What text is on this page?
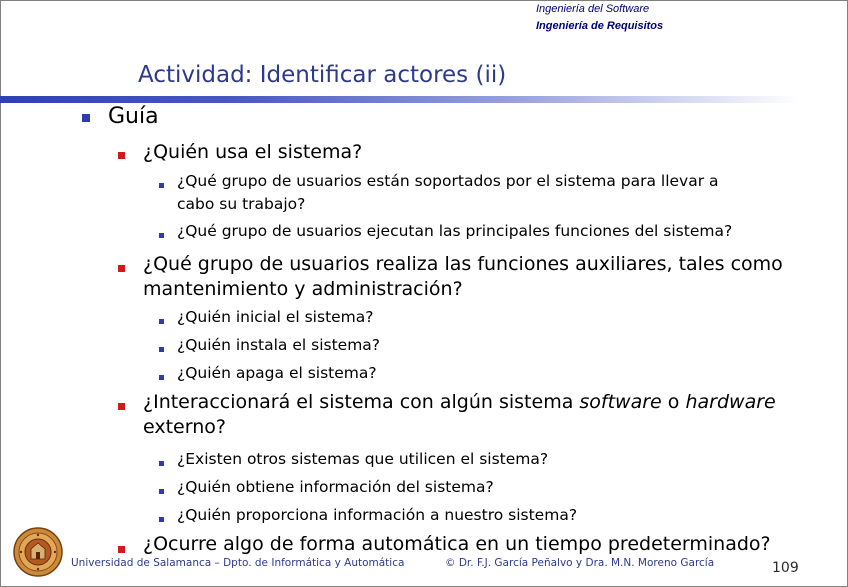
Ingeniería del Software
Ingeniería de Requisitos
Actividad: Identificar actores (ii)
Guía
¿Quién usa el sistema?
¿Qué grupo de usuarios están soportados por el sistema para llevar a
cabo su trabajo?
¿Qué grupo de usuarios ejecutan las principales funciones del sistema?
¿Qué grupo de usuarios realiza las funciones auxiliares, tales como
mantenimiento y administración?
¿Quién inicial el sistema?
¿Quién instala el sistema?
¿Quién apaga el sistema?
¿Interaccionará el sistema con algún sistema software o hardware
externo?
¿Existen otros sistemas que utilicen el sistema?
¿Quién obtiene información del sistema?
¿Quién proporciona información a nuestro sistema?
¿Ocurre algo de forma automática en un tiempo predeterminado?
Universidad de Salamanca – Dpto. de Informática y Automática	© Dr. F.J. García Peñalvo y Dra. M.N. Moreno García	109
